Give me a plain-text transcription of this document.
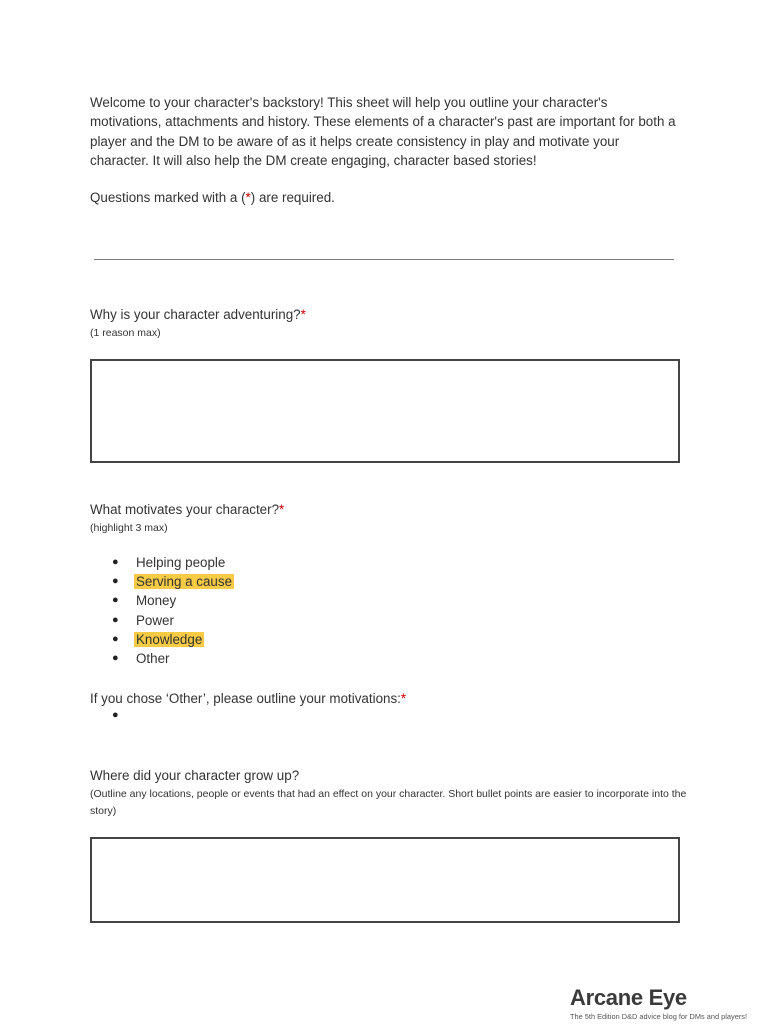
Welcome to your character's backstory! This sheet will help you outline your character's motivations, attachments and history. These elements of a character's past are important for both a player and the DM to be aware of as it helps create consistency in play and motivate your character. It will also help the DM create engaging, character based stories!

Questions marked with a (*) are required.
Why is your character adventuring?*
(1 reason max)
What motivates your character?*
(highlight 3 max)
● Helping people
● Serving a cause
● Money
● Power
● Knowledge
● Other
If you chose ‘Other’, please outline your motivations:*
●
Where did your character grow up?
(Outline any locations, people or events that had an effect on your character. Short bullet points are easier to incorporate into the story)
Arcane Eye
The 5th Edition D&D advice blog for DMs and players!
